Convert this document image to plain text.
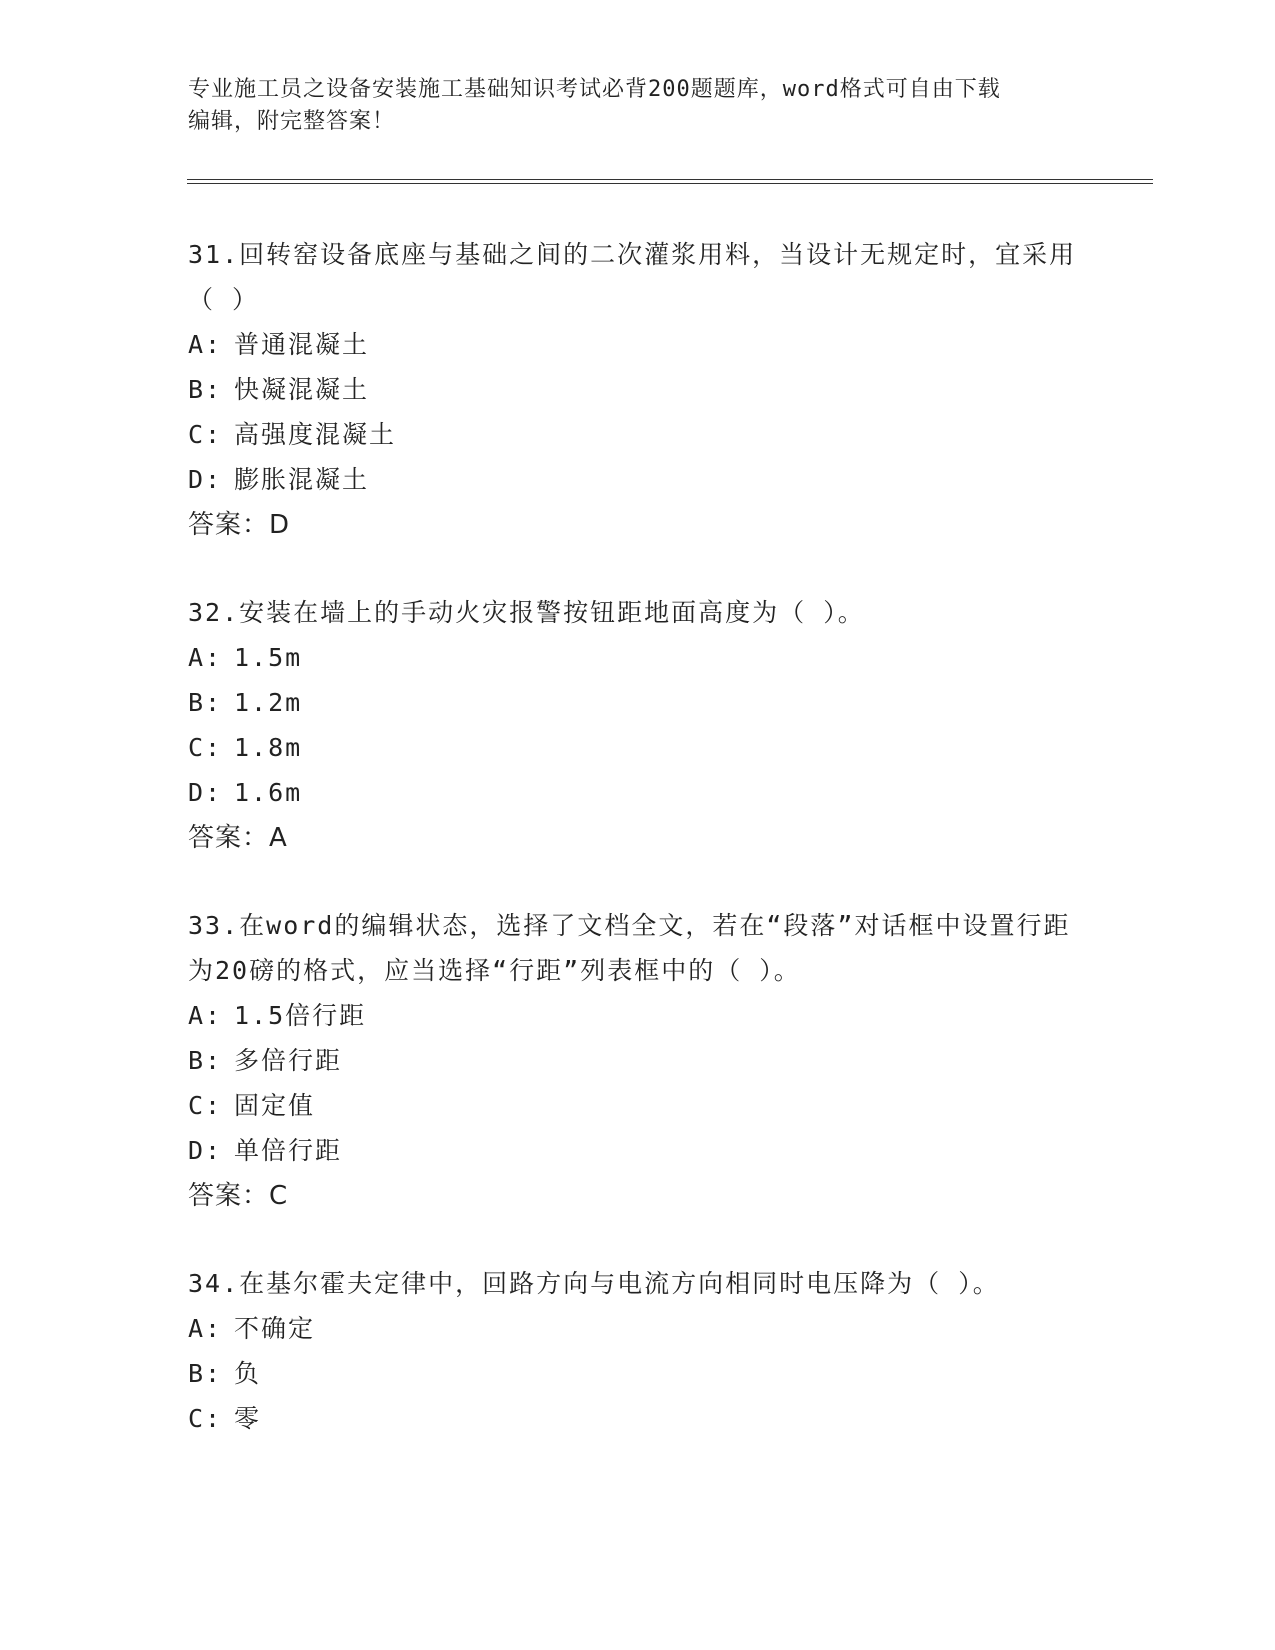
专业施工员之设备安装施工基础知识考试必背200题题库，word格式可自由下载
编辑，附完整答案！
31.回转窑设备底座与基础之间的二次灌浆用料，当设计无规定时，宜采用（ ）
A: 普通混凝土
B: 快凝混凝土
C: 高强度混凝土
D: 膨胀混凝土
答案：D
32.安装在墙上的手动火灾报警按钮距地面高度为（ ）。
A: 1.5m
B: 1.2m
C: 1.8m
D: 1.6m
答案：A
33.在word的编辑状态，选择了文档全文，若在“段落”对话框中设置行距为20磅的格式，应当选择“行距”列表框中的（ ）。
A: 1.5倍行距
B: 多倍行距
C: 固定值
D: 单倍行距
答案：C
34.在基尔霍夫定律中，回路方向与电流方向相同时电压降为（ ）。
A: 不确定
B: 负
C: 零
